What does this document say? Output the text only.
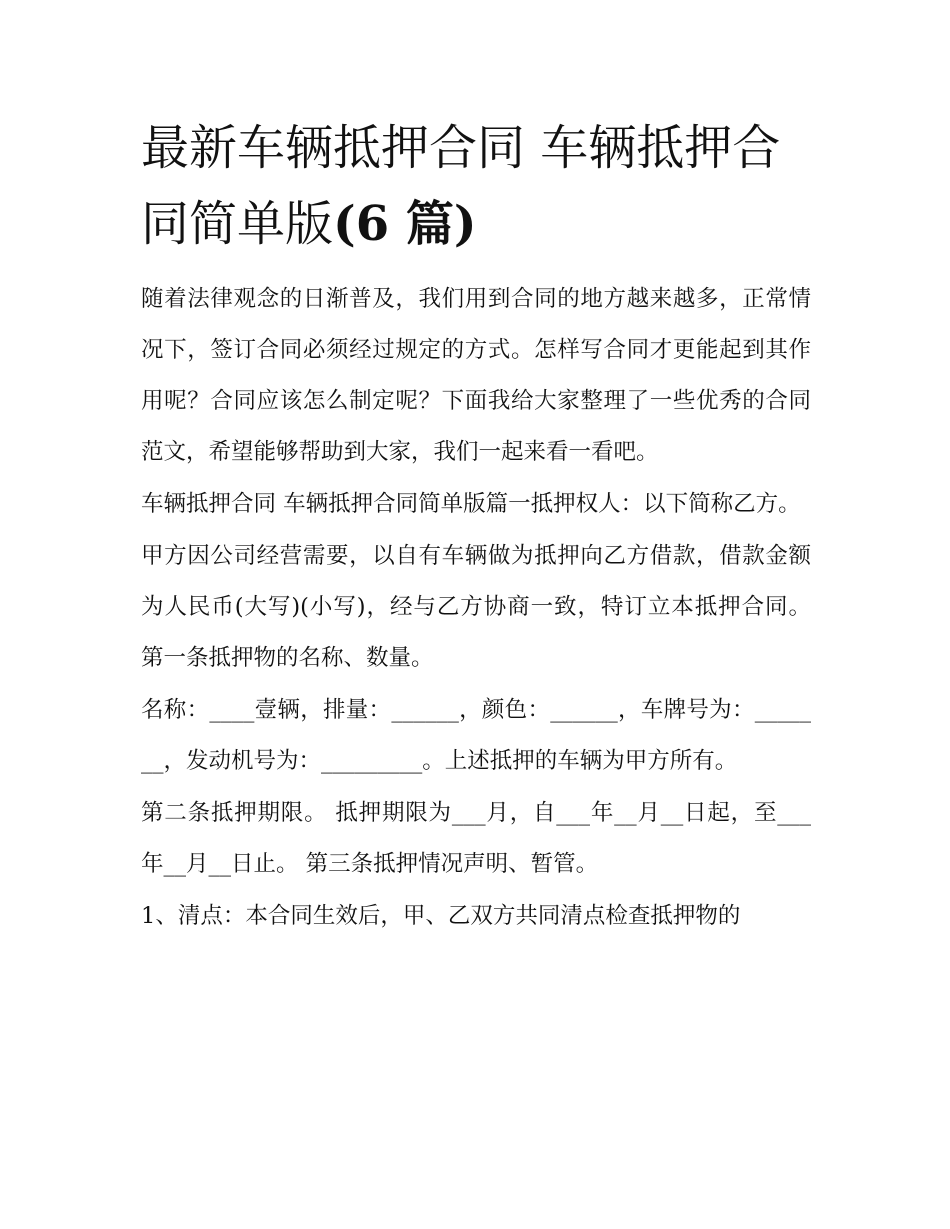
最新车辆抵押合同 车辆抵押合同简单版(6 篇)

随着法律观念的日渐普及，我们用到合同的地方越来越多，正常情况下，签订合同必须经过规定的方式。怎样写合同才更能起到其作用呢？合同应该怎么制定呢？下面我给大家整理了一些优秀的合同范文，希望能够帮助到大家，我们一起来看一看吧。

车辆抵押合同 车辆抵押合同简单版篇一抵押权人：以下简称乙方。

甲方因公司经营需要，以自有车辆做为抵押向乙方借款，借款金额为人民币(大写)(小写)，经与乙方协商一致，特订立本抵押合同。 第一条抵押物的名称、数量。

名称：____壹辆，排量：______，颜色：______，车牌号为：_______，发动机号为：_________。上述抵押的车辆为甲方所有。

第二条抵押期限。 抵押期限为___月，自___年__月__日起，至___年__月__日止。 第三条抵押情况声明、暂管。

1、清点：本合同生效后，甲、乙双方共同清点检查抵押物的
